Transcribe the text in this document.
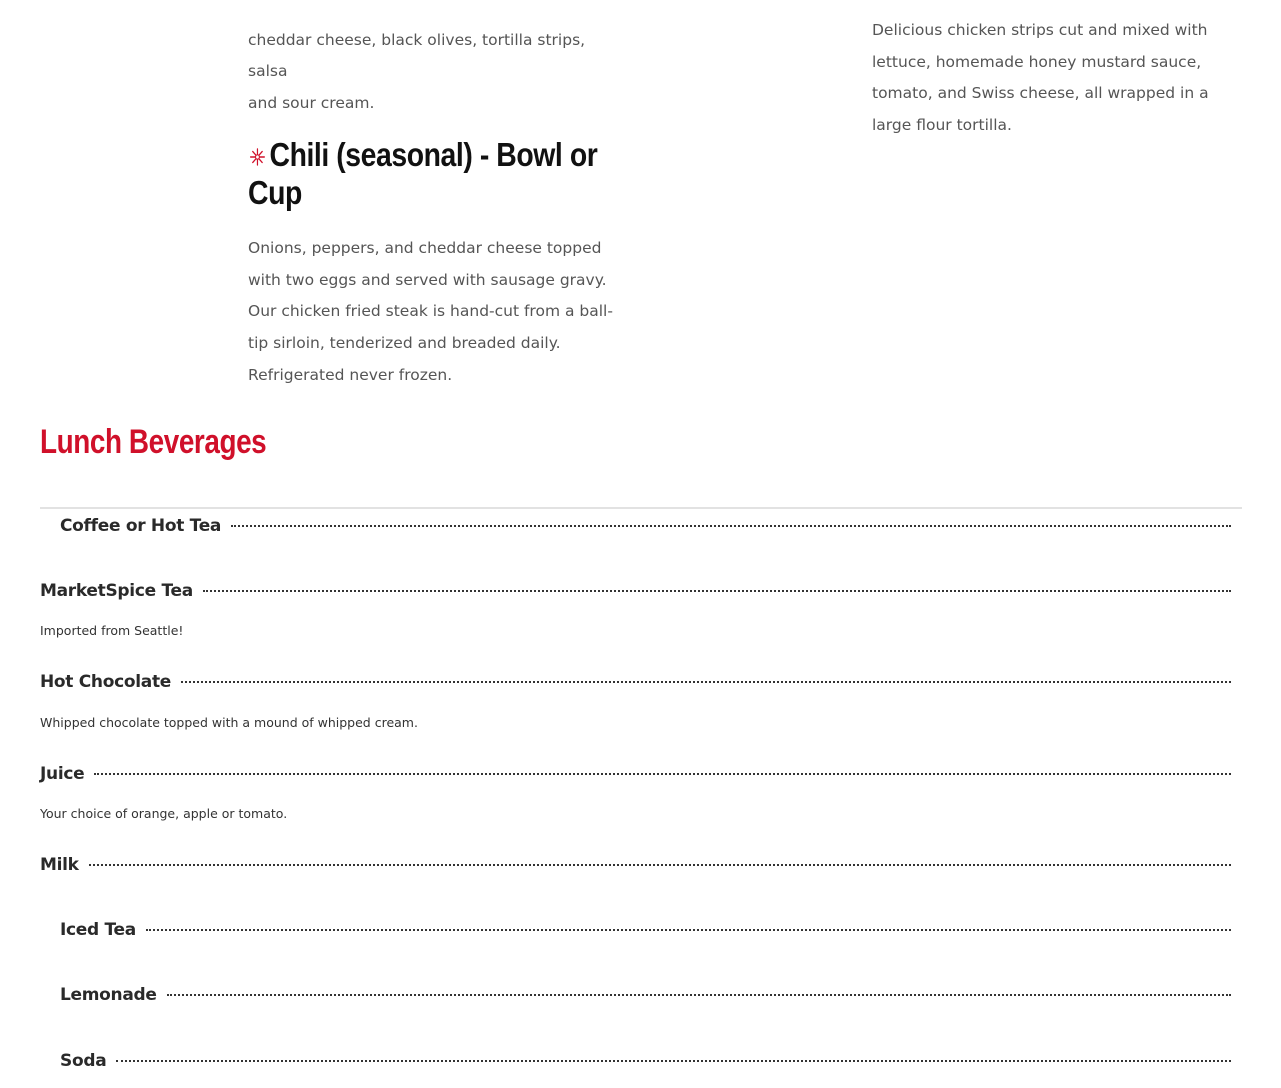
cheddar cheese, black olives, tortilla strips, salsa
and sour cream.

Delicious chicken strips cut and mixed with lettuce, homemade honey mustard sauce, tomato, and Swiss cheese, all wrapped in a large flour tortilla.

Chili (seasonal) - Bowl or Cup

Onions, peppers, and cheddar cheese topped with two eggs and served with sausage gravy. Our chicken fried steak is hand-cut from a ball-tip sirloin, tenderized and breaded daily. Refrigerated never frozen.

Lunch Beverages
Coffee or Hot Tea
MarketSpice Tea

Imported from Seattle!

Hot Chocolate

Whipped chocolate topped with a mound of whipped cream.

Juice

Your choice of orange, apple or tomato.

Milk
Iced Tea
Lemonade
Soda
